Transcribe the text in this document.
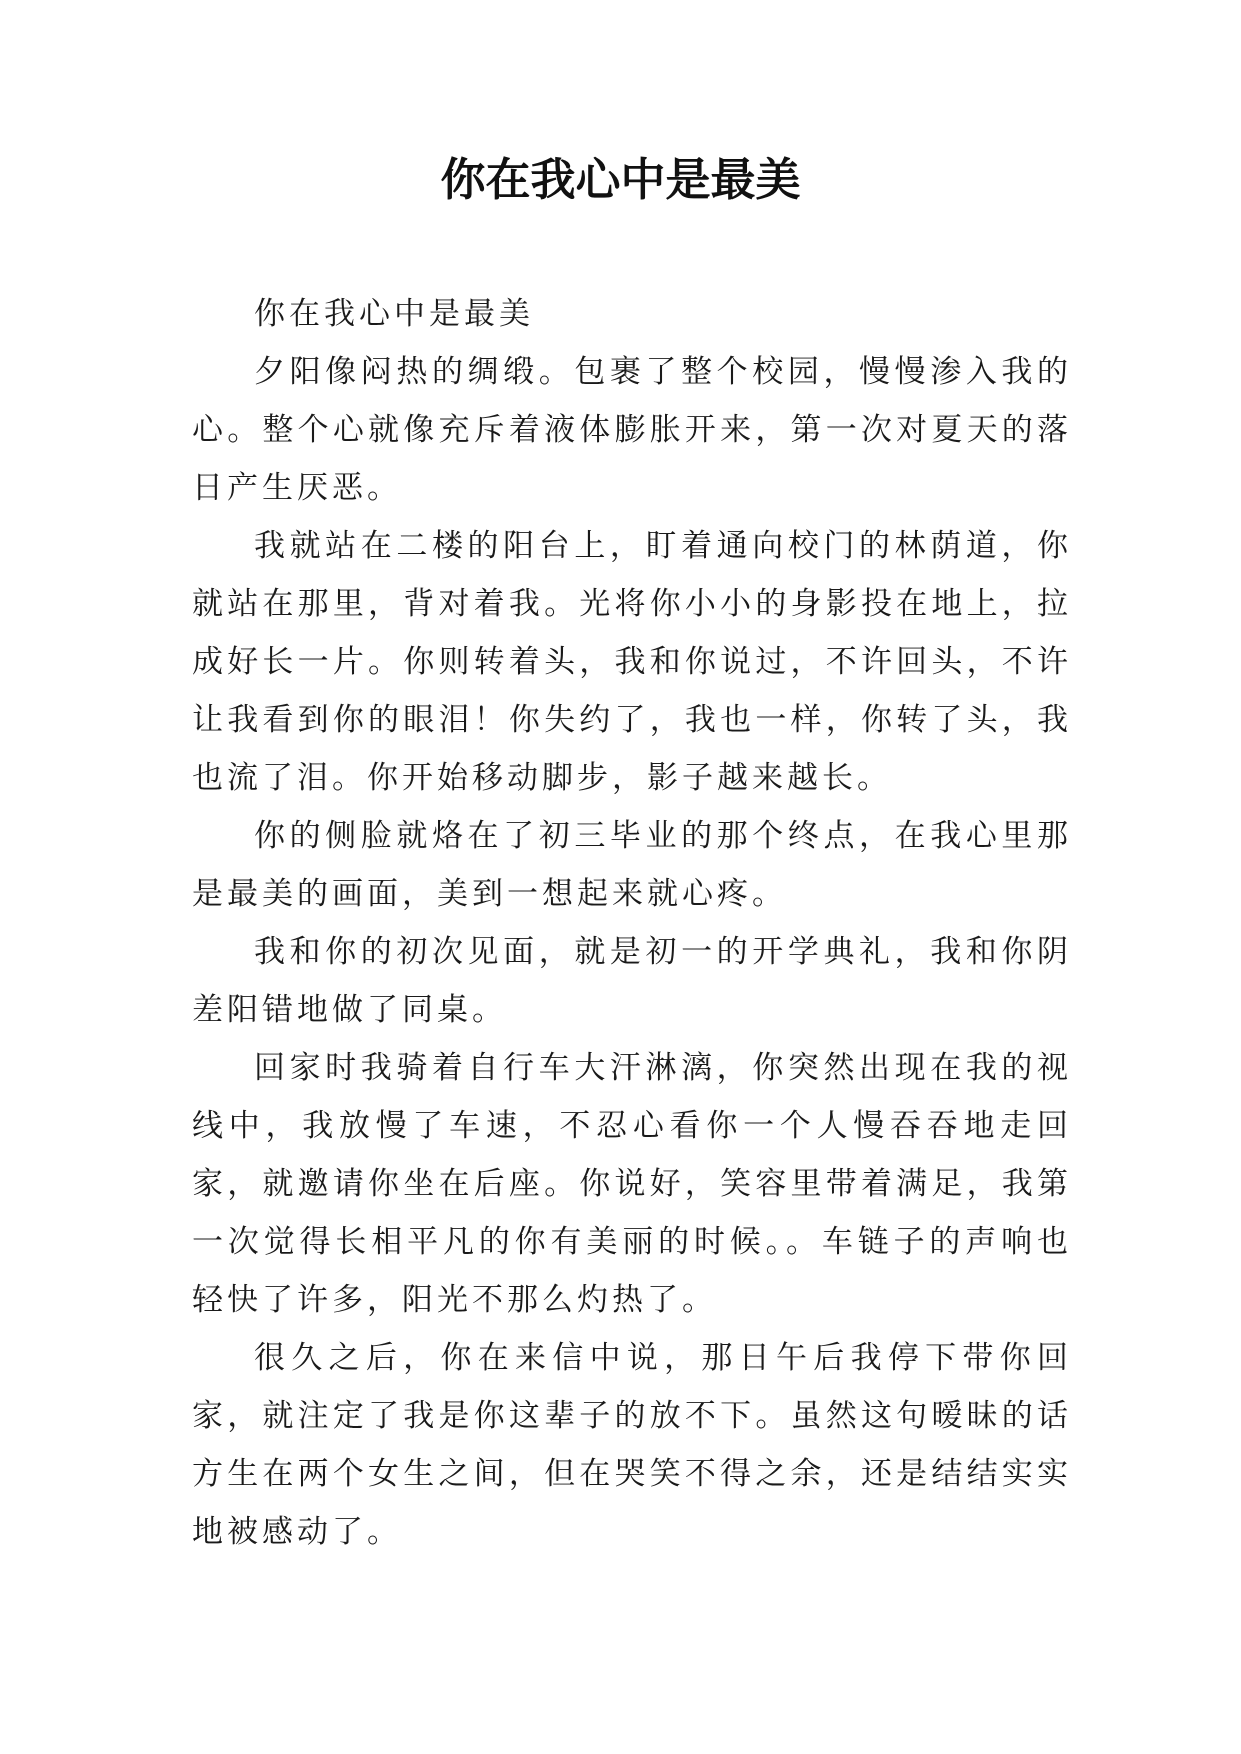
你在我心中是最美

你在我心中是最美

夕阳像闷热的绸缎。包裹了整个校园，慢慢渗入我的心。整个心就像充斥着液体膨胀开来，第一次对夏天的落日产生厌恶。

我就站在二楼的阳台上，盯着通向校门的林荫道，你就站在那里，背对着我。光将你小小的身影投在地上，拉成好长一片。你则转着头，我和你说过，不许回头，不许让我看到你的眼泪！你失约了，我也一样，你转了头，我也流了泪。你开始移动脚步，影子越来越长。

你的侧脸就烙在了初三毕业的那个终点，在我心里那是最美的画面，美到一想起来就心疼。

我和你的初次见面，就是初一的开学典礼，我和你阴差阳错地做了同桌。

回家时我骑着自行车大汗淋漓，你突然出现在我的视线中，我放慢了车速，不忍心看你一个人慢吞吞地走回家，就邀请你坐在后座。你说好，笑容里带着满足，我第一次觉得长相平凡的你有美丽的时候。。车链子的声响也轻快了许多，阳光不那么灼热了。

很久之后，你在来信中说，那日午后我停下带你回家，就注定了我是你这辈子的放不下。虽然这句暧昧的话方生在两个女生之间，但在哭笑不得之余，还是结结实实地被感动了。
